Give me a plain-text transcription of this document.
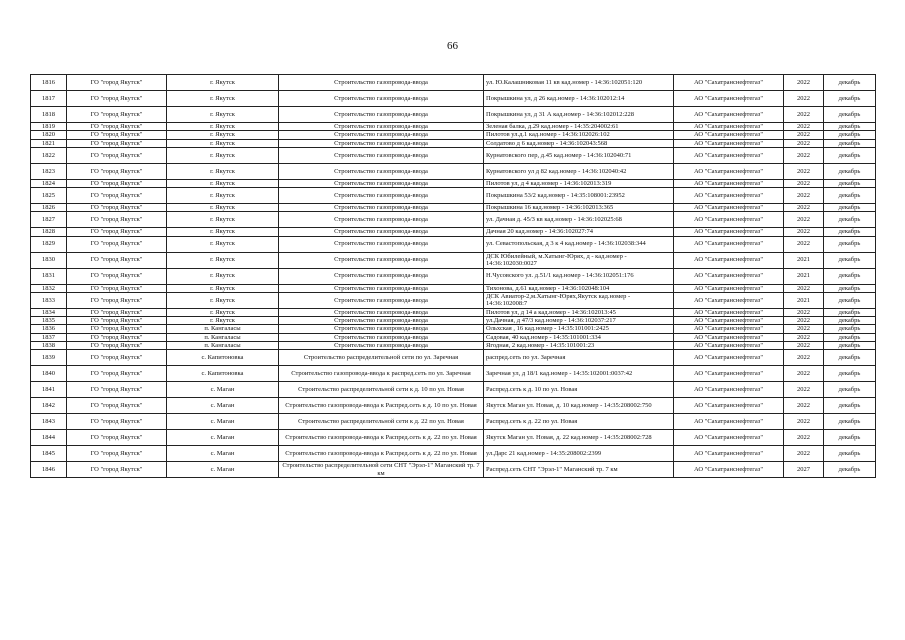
66
1816	ГО "город Якутск"	г. Якутск	Строительство газопровода-ввода	ул. Ю.Калашниковая 11 кв кад.номер - 14:36:102051:120	АО "Сахатранснефтегаз"	2022	декабрь
1817	ГО "город Якутск"	г. Якутск	Строительство газопровода-ввода	Покрышкина ул, д 26 кад.номер - 14:36:102012:14	АО "Сахатранснефтегаз"	2022	декабрь
1818	ГО "город Якутск"	г. Якутск	Строительство газопровода-ввода	Покрышкина ул, д 31 А кад.номер - 14:36:102012:228	АО "Сахатранснефтегаз"	2022	декабрь
1819	ГО "город Якутск"	г. Якутск	Строительство газопровода-ввода	Зеленая балка, д.29 кад.номер - 14:35:204002:61	АО "Сахатранснефтегаз"	2022	декабрь
1820	ГО "город Якутск"	г. Якутск	Строительство газопровода-ввода	Пилотов ул.д.1 кад.номер - 14:36:102026:102	АО "Сахатранснефтегаз"	2022	декабрь
1821	ГО "город Якутск"	г. Якутск	Строительство газопровода-ввода	Солдатово д 6 кад.номер - 14:36:102043:568	АО "Сахатранснефтегаз"	2022	декабрь
1822	ГО "город Якутск"	г. Якутск	Строительство газопровода-ввода	Курнатовского пер, д.45 кад.номер - 14:36:102040:71	АО "Сахатранснефтегаз"	2022	декабрь
1823	ГО "город Якутск"	г. Якутск	Строительство газопровода-ввода	Курнатовского ул д 82 кад.номер - 14:36:102040:42	АО "Сахатранснефтегаз"	2022	декабрь
1824	ГО "город Якутск"	г. Якутск	Строительство газопровода-ввода	Пилотов ул, д 4 кад.номер - 14:36:102013:319	АО "Сахатранснефтегаз"	2022	декабрь
1825	ГО "город Якутск"	г. Якутск	Строительство газопровода-ввода	Покрышкина 53/2 кад.номер - 14:35:108001:23952	АО "Сахатранснефтегаз"	2022	декабрь
1826	ГО "город Якутск"	г. Якутск	Строительство газопровода-ввода	Покрышкина 16 кад.номер - 14:36:102013:365	АО "Сахатранснефтегаз"	2022	декабрь
1827	ГО "город Якутск"	г. Якутск	Строительство газопровода-ввода	ул. Дачная д. 45/3 кв кад.номер - 14:36:102025:68	АО "Сахатранснефтегаз"	2022	декабрь
1828	ГО "город Якутск"	г. Якутск	Строительство газопровода-ввода	Дачная 20 кад.номер - 14:36:102027:74	АО "Сахатранснефтегаз"	2022	декабрь
1829	ГО "город Якутск"	г. Якутск	Строительство газопровода-ввода	ул. Севастопольская, д 3 к 4 кад.номер - 14:36:102038:344	АО "Сахатранснефтегаз"	2022	декабрь
1830	ГО "город Якутск"	г. Якутск	Строительство газопровода-ввода	ДСК Юбилейный, м.Хатынг-Юрях, д - кад.номер - 14:36:102030:0027	АО "Сахатранснефтегаз"	2021	декабрь
1831	ГО "город Якутск"	г. Якутск	Строительство газопровода-ввода	Н.Чусовского ул. д.51/1 кад.номер - 14:36:102051:176	АО "Сахатранснефтегаз"	2021	декабрь
1832	ГО "город Якутск"	г. Якутск	Строительство газопровода-ввода	Тихонова, д.61 кад.номер - 14:36:102048:104	АО "Сахатранснефтегаз"	2022	декабрь
1833	ГО "город Якутск"	г. Якутск	Строительство газопровода-ввода	ДСК Авиатор-2,м.Хатынг-Юрях,Якутск кад.номер - 14:36:102008:7	АО "Сахатранснефтегаз"	2021	декабрь
1834	ГО "город Якутск"	г. Якутск	Строительство газопровода-ввода	Пилотов ул, д 14 а кад.номер - 14:36:102013:45	АО "Сахатранснефтегаз"	2022	декабрь
1835	ГО "город Якутск"	г. Якутск	Строительство газопровода-ввода	ул.Дачная, д 47/3 кад.номер - 14:36:102037:217	АО "Сахатранснефтегаз"	2022	декабрь
1836	ГО "город Якутск"	п. Кангаласы	Строительство газопровода-ввода	Ольхская , 16 кад.номер - 14:35:101001:2425	АО "Сахатранснефтегаз"	2022	декабрь
1837	ГО "город Якутск"	п. Кангаласы	Строительство газопровода-ввода	Садовая, 40 кад.номер - 14:35:101001:334	АО "Сахатранснефтегаз"	2022	декабрь
1838	ГО "город Якутск"	п. Кангаласы	Строительство газопровода-ввода	Ягодная, 2 кад.номер - 14:35:101001:23	АО "Сахатранснефтегаз"	2022	декабрь
1839	ГО "город Якутск"	с. Капитоновка	Строительство распределительной сети по ул. Заречная	распред.сеть по ул. Заречная	АО "Сахатранснефтегаз"	2022	декабрь
1840	ГО "город Якутск"	с. Капитоновка	Строительство газопровода-ввода к распред.сеть по ул. Заречная	Заречная ул, д 18/1 кад.номер - 14:35:102001:0037:42	АО "Сахатранснефтегаз"	2022	декабрь
1841	ГО "город Якутск"	с. Маган	Строительство распределительной сети к д. 10 по ул. Новая	Распред.сеть к д. 10 по ул. Новая	АО "Сахатранснефтегаз"	2022	декабрь
1842	ГО "город Якутск"	с. Маган	Строительство газопровода-ввода к Распред.сеть к д. 10 по ул. Новая	Якутск Маган ул. Новая, д. 10 кад.номер - 14:35:208002:750	АО "Сахатранснефтегаз"	2022	декабрь
1843	ГО "город Якутск"	с. Маган	Строительство распределительной сети к д. 22 по ул. Новая	Распред.сеть к д. 22 по ул. Новая	АО "Сахатранснефтегаз"	2022	декабрь
1844	ГО "город Якутск"	с. Маган	Строительство газопровода-ввода к Распред.сеть к д. 22 по ул. Новая	Якутск Маган ул. Новая, д. 22 кад.номер - 14:35:208002:728	АО "Сахатранснефтегаз"	2022	декабрь
1845	ГО "город Якутск"	с. Маган	Строительство газопровода-ввода к Распред.сеть к д. 22 по ул. Новая	ул.Дарс 21 кад.номер - 14:35:208002:2399	АО "Сахатранснефтегаз"	2022	декабрь
1846	ГО "город Якутск"	с. Маган	Строительство распределительной сети СНТ "Эрэл-1" Маганский тр. 7 км	Распред.сеть СНТ "Эрэл-1" Маганский тр. 7 км	АО "Сахатранснефтегаз"	2027	декабрь
